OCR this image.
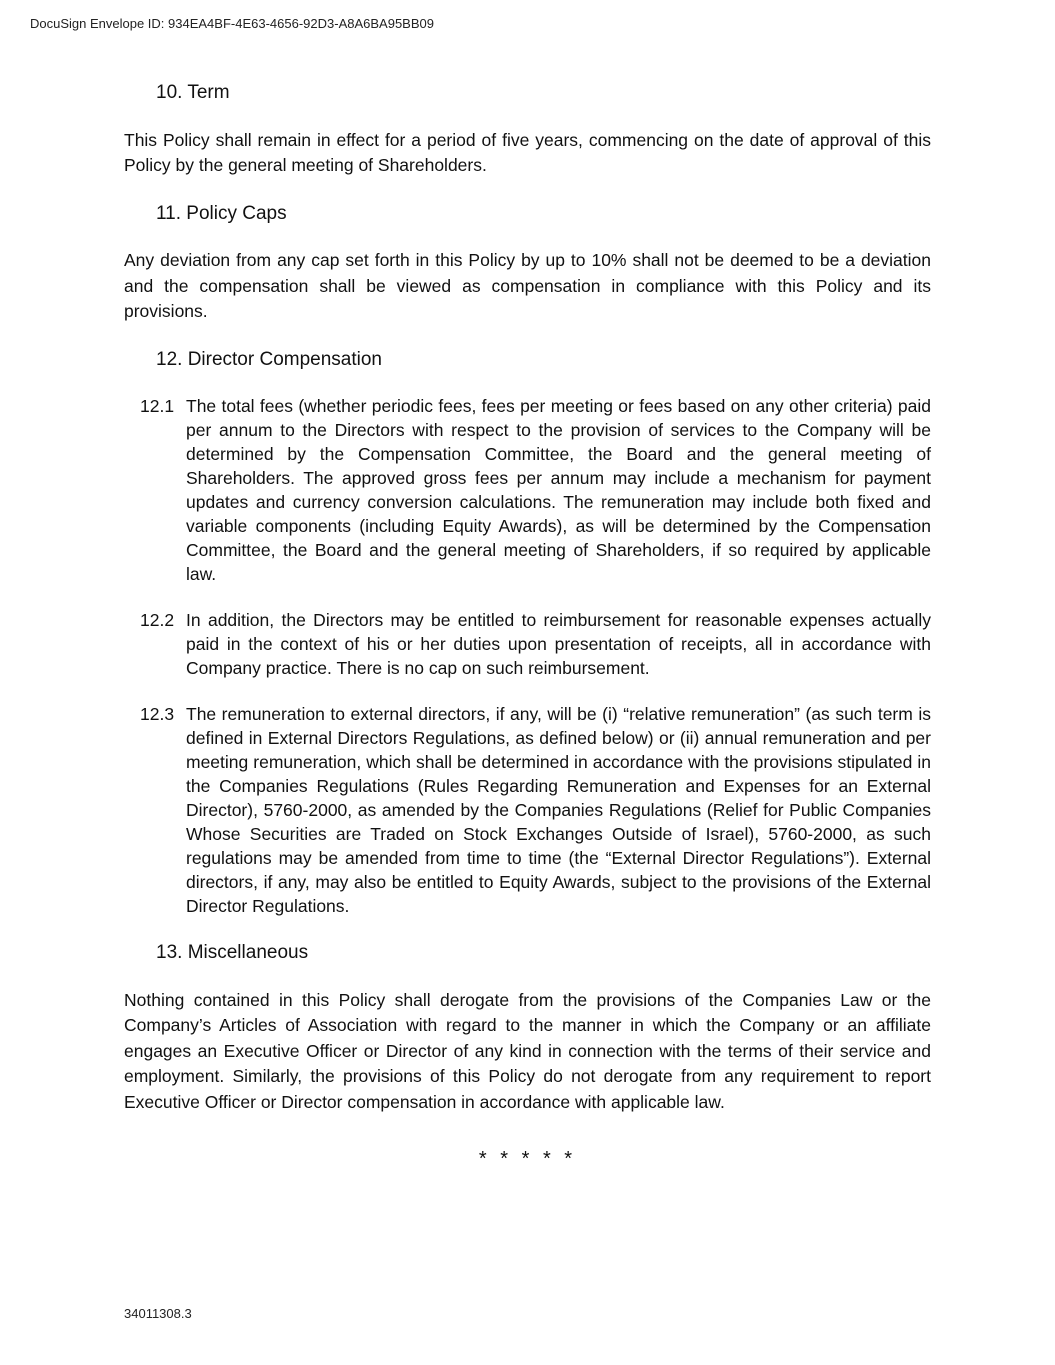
DocuSign Envelope ID: 934EA4BF-4E63-4656-92D3-A8A6BA95BB09
10. Term

This Policy shall remain in effect for a period of five years, commencing on the date of approval of this Policy by the general meeting of Shareholders.

11. Policy Caps

Any deviation from any cap set forth in this Policy by up to 10% shall not be deemed to be a deviation and the compensation shall be viewed as compensation in compliance with this Policy and its provisions.

12. Director Compensation
12.1 The total fees (whether periodic fees, fees per meeting or fees based on any other criteria) paid per annum to the Directors with respect to the provision of services to the Company will be determined by the Compensation Committee, the Board and the general meeting of Shareholders. The approved gross fees per annum may include a mechanism for payment updates and currency conversion calculations. The remuneration may include both fixed and variable components (including Equity Awards), as will be determined by the Compensation Committee, the Board and the general meeting of Shareholders, if so required by applicable law.
12.2 In addition, the Directors may be entitled to reimbursement for reasonable expenses actually paid in the context of his or her duties upon presentation of receipts, all in accordance with Company practice. There is no cap on such reimbursement.
12.3 The remuneration to external directors, if any, will be (i) “relative remuneration” (as such term is defined in External Directors Regulations, as defined below) or (ii) annual remuneration and per meeting remuneration, which shall be determined in accordance with the provisions stipulated in the Companies Regulations (Rules Regarding Remuneration and Expenses for an External Director), 5760-2000, as amended by the Companies Regulations (Relief for Public Companies Whose Securities are Traded on Stock Exchanges Outside of Israel), 5760-2000, as such regulations may be amended from time to time (the “External Director Regulations”). External directors, if any, may also be entitled to Equity Awards, subject to the provisions of the External Director Regulations.
13. Miscellaneous

Nothing contained in this Policy shall derogate from the provisions of the Companies Law or the Company’s Articles of Association with regard to the manner in which the Company or an affiliate engages an Executive Officer or Director of any kind in connection with the terms of their service and employment. Similarly, the provisions of this Policy do not derogate from any requirement to report Executive Officer or Director compensation in accordance with applicable law.

* * * * *
34011308.3
